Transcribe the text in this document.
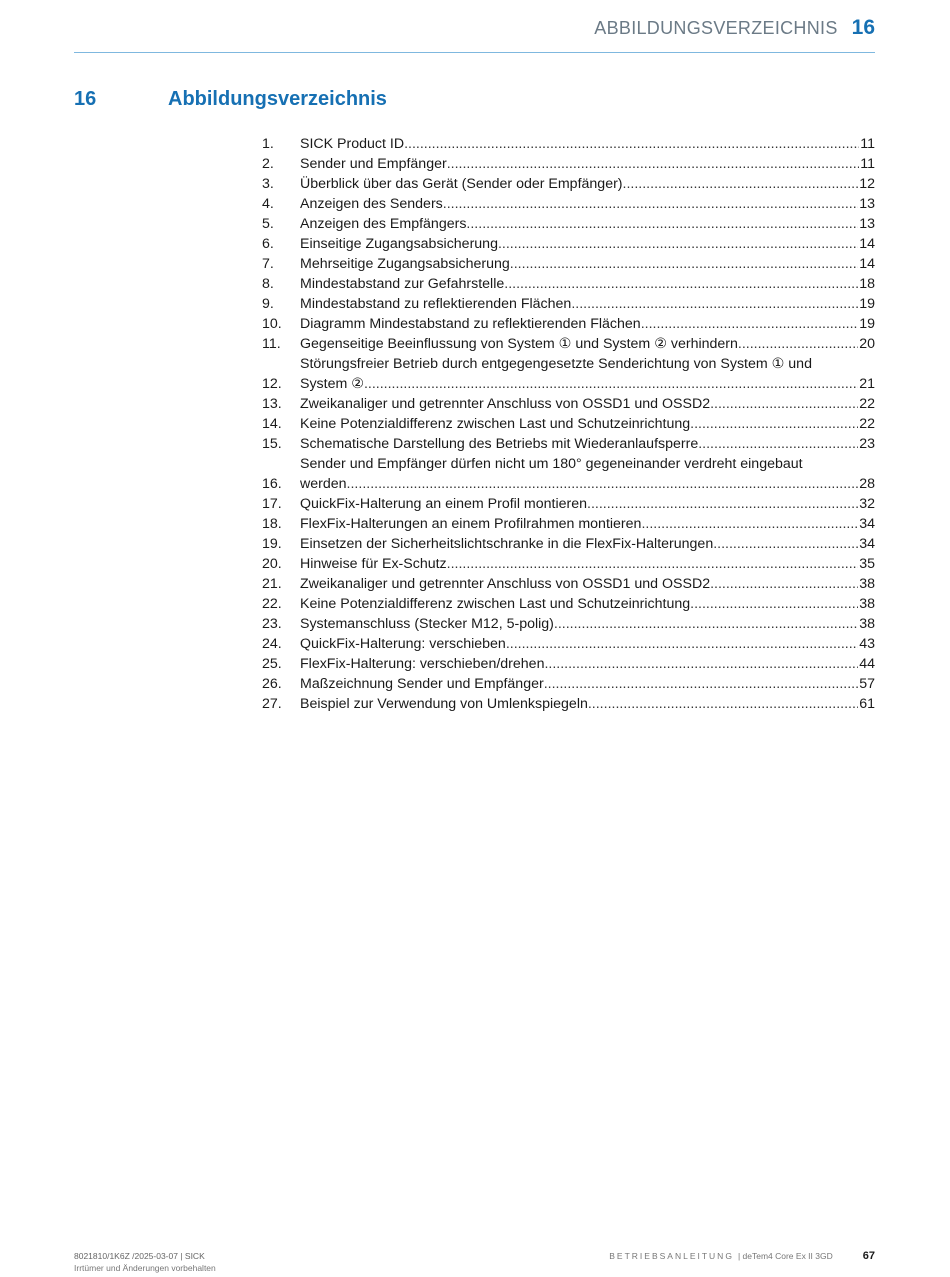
ABBILDUNGSVERZEICHNIS 16
16	Abbildungsverzeichnis
1.	SICK Product ID .....	11
2.	Sender und Empfänger .....	11
3.	Überblick über das Gerät (Sender oder Empfänger) .....	12
4.	Anzeigen des Senders .....	13
5.	Anzeigen des Empfängers .....	13
6.	Einseitige Zugangsabsicherung .....	14
7.	Mehrseitige Zugangsabsicherung .....	14
8.	Mindestabstand zur Gefahrstelle .....	18
9.	Mindestabstand zu reflektierenden Flächen .....	19
10.	Diagramm Mindestabstand zu reflektierenden Flächen .....	19
11.	Gegenseitige Beeinflussung von System ① und System ② verhindern .....	20
12.
Störungsfreier Betrieb durch entgegengesetzte Senderichtung von System ① und
System ② .....	21
13.	Zweikanaliger und getrennter Anschluss von OSSD1 und OSSD2 .....	22
14.	Keine Potenzialdifferenz zwischen Last und Schutzeinrichtung .....	22
15.	Schematische Darstellung des Betriebs mit Wiederanlaufsperre .....	23
16.
Sender und Empfänger dürfen nicht um 180° gegeneinander verdreht eingebaut
werden .....	28
17.	QuickFix-Halterung an einem Profil montieren .....	32
18.	FlexFix-Halterungen an einem Profilrahmen montieren .....	34
19.	Einsetzen der Sicherheitslichtschranke in die FlexFix-Halterungen .....	34
20.	Hinweise für Ex-Schutz .....	35
21.	Zweikanaliger und getrennter Anschluss von OSSD1 und OSSD2 .....	38
22.	Keine Potenzialdifferenz zwischen Last und Schutzeinrichtung .....	38
23.	Systemanschluss (Stecker M12, 5-polig) .....	38
24.	QuickFix-Halterung: verschieben .....	43
25.	FlexFix-Halterung: verschieben/drehen .....	44
26.	Maßzeichnung Sender und Empfänger .....	57
27.	Beispiel zur Verwendung von Umlenkspiegeln .....	61
8021810/1K6Z /2025-03-07 | SICK
Irrtümer und Änderungen vorbehalten
BETRIEBSANLEITUNG | deTem4 Core Ex II 3GD	67
